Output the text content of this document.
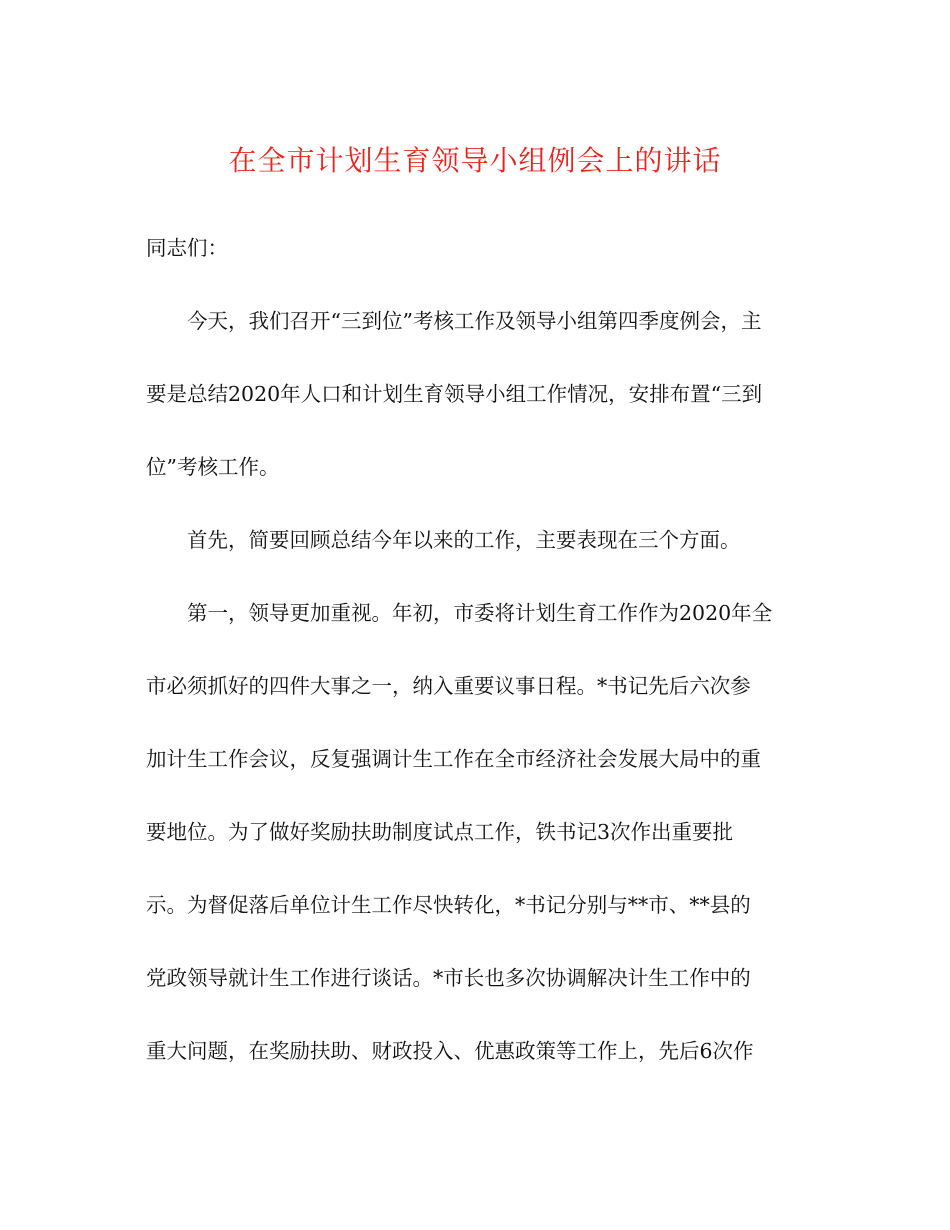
在全市计划生育领导小组例会上的讲话
同志们：
今天，我们召开“三到位”考核工作及领导小组第四季度例会，主
要是总结2020年人口和计划生育领导小组工作情况，安排布置“三到
位”考核工作。
首先，简要回顾总结今年以来的工作，主要表现在三个方面。
第一，领导更加重视。年初，市委将计划生育工作作为2020年全
市必须抓好的四件大事之一，纳入重要议事日程。*书记先后六次参
加计生工作会议，反复强调计生工作在全市经济社会发展大局中的重
要地位。为了做好奖励扶助制度试点工作，铁书记3次作出重要批
示。为督促落后单位计生工作尽快转化，*书记分别与**市、**县的
党政领导就计生工作进行谈话。*市长也多次协调解决计生工作中的
重大问题，在奖励扶助、财政投入、优惠政策等工作上，先后6次作
